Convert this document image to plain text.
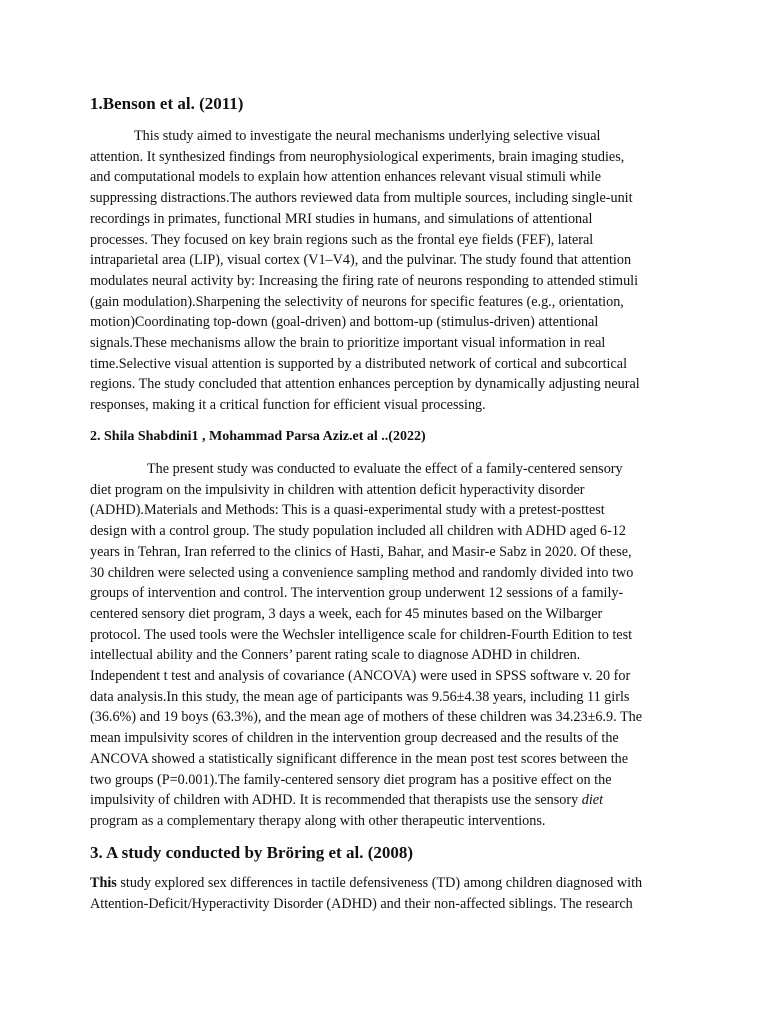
1.Benson et al. (2011)
This study aimed to investigate the neural mechanisms underlying selective visual
attention. It synthesized findings from neurophysiological experiments, brain imaging studies,
and computational models to explain how attention enhances relevant visual stimuli while
suppressing distractions.The authors reviewed data from multiple sources, including single-unit
recordings in primates, functional MRI studies in humans, and simulations of attentional
processes. They focused on key brain regions such as the frontal eye fields (FEF), lateral
intraparietal area (LIP), visual cortex (V1–V4), and the pulvinar. The study found that attention
modulates neural activity by: Increasing the firing rate of neurons responding to attended stimuli
(gain modulation).Sharpening the selectivity of neurons for specific features (e.g., orientation,
motion)Coordinating top-down (goal-driven) and bottom-up (stimulus-driven) attentional
signals.These mechanisms allow the brain to prioritize important visual information in real
time.Selective visual attention is supported by a distributed network of cortical and subcortical
regions. The study concluded that attention enhances perception by dynamically adjusting neural
responses, making it a critical function for efficient visual processing.
2. Shila Shabdini1 , Mohammad Parsa Aziz.et al ..(2022)
The present study was conducted to evaluate the effect of a family-centered sensory
diet program on the impulsivity in children with attention deficit hyperactivity disorder
(ADHD).Materials and Methods: This is a quasi-experimental study with a pretest-posttest
design with a control group. The study population included all children with ADHD aged 6-12
years in Tehran, Iran referred to the clinics of Hasti, Bahar, and Masir-e Sabz in 2020. Of these,
30 children were selected using a convenience sampling method and randomly divided into two
groups of intervention and control. The intervention group underwent 12 sessions of a family-
centered sensory diet program, 3 days a week, each for 45 minutes based on the Wilbarger
protocol. The used tools were the Wechsler intelligence scale for children-Fourth Edition to test
intellectual ability and the Conners’ parent rating scale to diagnose ADHD in children.
Independent t test and analysis of covariance (ANCOVA) were used in SPSS software v. 20 for
data analysis.In this study, the mean age of participants was 9.56±4.38 years, including 11 girls
(36.6%) and 19 boys (63.3%), and the mean age of mothers of these children was 34.23±6.9. The
mean impulsivity scores of children in the intervention group decreased and the results of the
ANCOVA showed a statistically significant difference in the mean post test scores between the
two groups (P=0.001).The family-centered sensory diet program has a positive effect on the
impulsivity of children with ADHD. It is recommended that therapists use the sensory diet
program as a complementary therapy along with other therapeutic interventions.
3. A study conducted by Bröring et al. (2008)
This study explored sex differences in tactile defensiveness (TD) among children diagnosed with
Attention-Deficit/Hyperactivity Disorder (ADHD) and their non-affected siblings. The research
